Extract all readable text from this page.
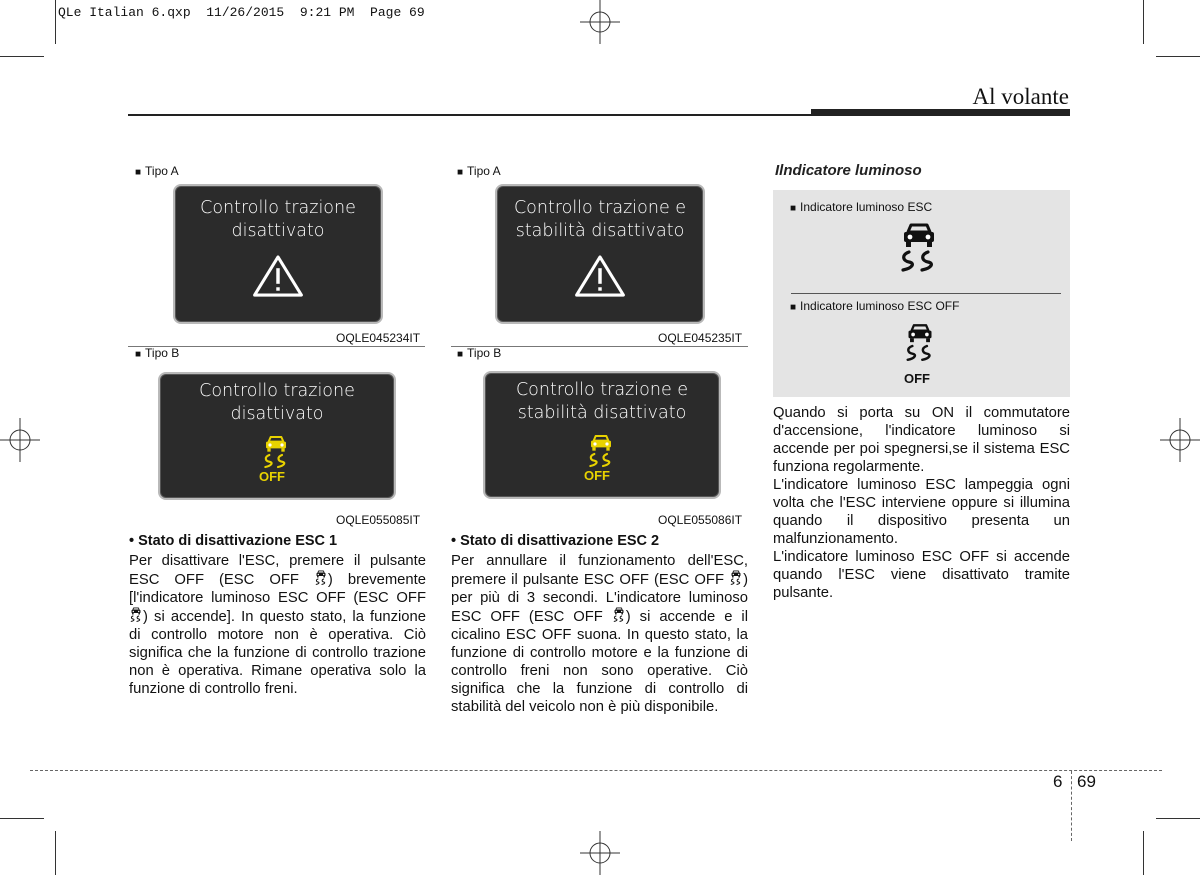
QLe Italian 6.qxp  11/26/2015  9:21 PM  Page 69
Al volante
■ Tipo A
Controllo trazione
disattivato
OQLE045234IT
■ Tipo B
Controllo trazione
disattivato
OFF
OQLE055085IT
■ Tipo A
Controllo trazione e
stabilità disattivato
OQLE045235IT
■ Tipo B
Controllo trazione e
stabilità disattivato
OFF
OQLE055086IT
• Stato di disattivazione ESC 1

Per disattivare l'ESC, premere il pulsante ESC OFF (ESC OFF ) brevemente [l'indicatore luminoso ESC OFF (ESC OFF ) si accende]. In questo stato, la funzione di controllo motore non è operativa. Ciò significa che la funzione di controllo trazione non è operativa. Rimane operativa solo la funzione di controllo freni.

• Stato di disattivazione ESC 2

Per annullare il funzionamento dell'ESC, premere il pulsante ESC OFF (ESC OFF ) per più di 3 secondi. L'indicatore luminoso ESC OFF (ESC OFF ) si accende e il cicalino ESC OFF suona. In questo stato, la funzione di controllo motore e la funzione di controllo freni non sono operative. Ciò significa che la funzione di controllo di stabilità del veicolo non è più disponibile.

Ilndicatore luminoso
■ Indicatore luminoso ESC
■ Indicatore luminoso ESC OFF
OFF

Quando si porta su ON il commutatore d'accensione, l'indicatore luminoso si accende per poi spegnersi,se il sistema ESC funziona regolarmente.

L'indicatore luminoso ESC lampeggia ogni volta che l'ESC interviene oppure si illumina quando il dispositivo presenta un malfunzionamento.

L'indicatore luminoso ESC OFF si accende quando l'ESC viene disattivato tramite pulsante.

6 69
